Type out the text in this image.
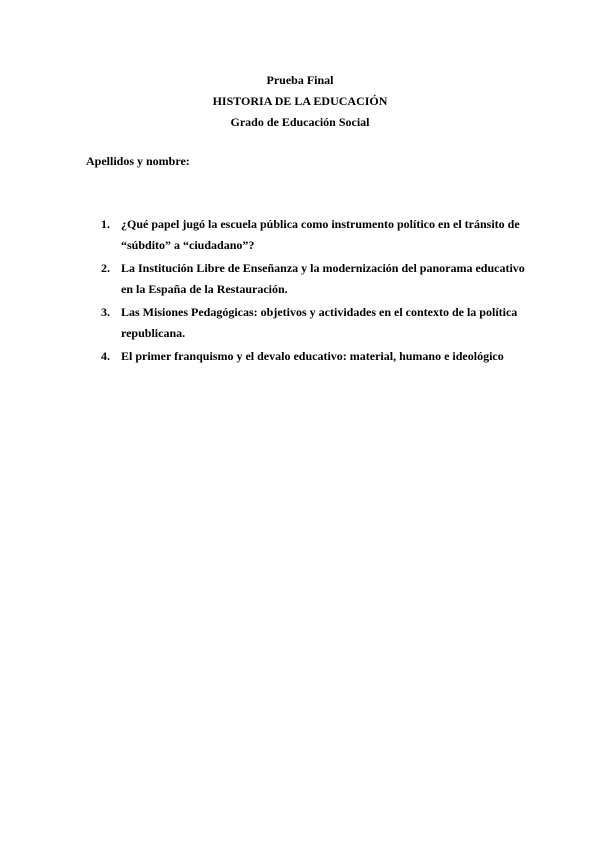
Prueba Final
HISTORIA DE LA EDUCACIÓN
Grado de Educación Social
Apellidos y nombre:
1. ¿Qué papel jugó la escuela pública como instrumento político en el tránsito de “súbdito” a “ciudadano”?
2. La Institución Libre de Enseñanza y la modernización del panorama educativo en la España de la Restauración.
3. Las Misiones Pedagógicas: objetivos y actividades en el contexto de la política republicana.
4. El primer franquismo y el devalo educativo: material, humano e ideológico
